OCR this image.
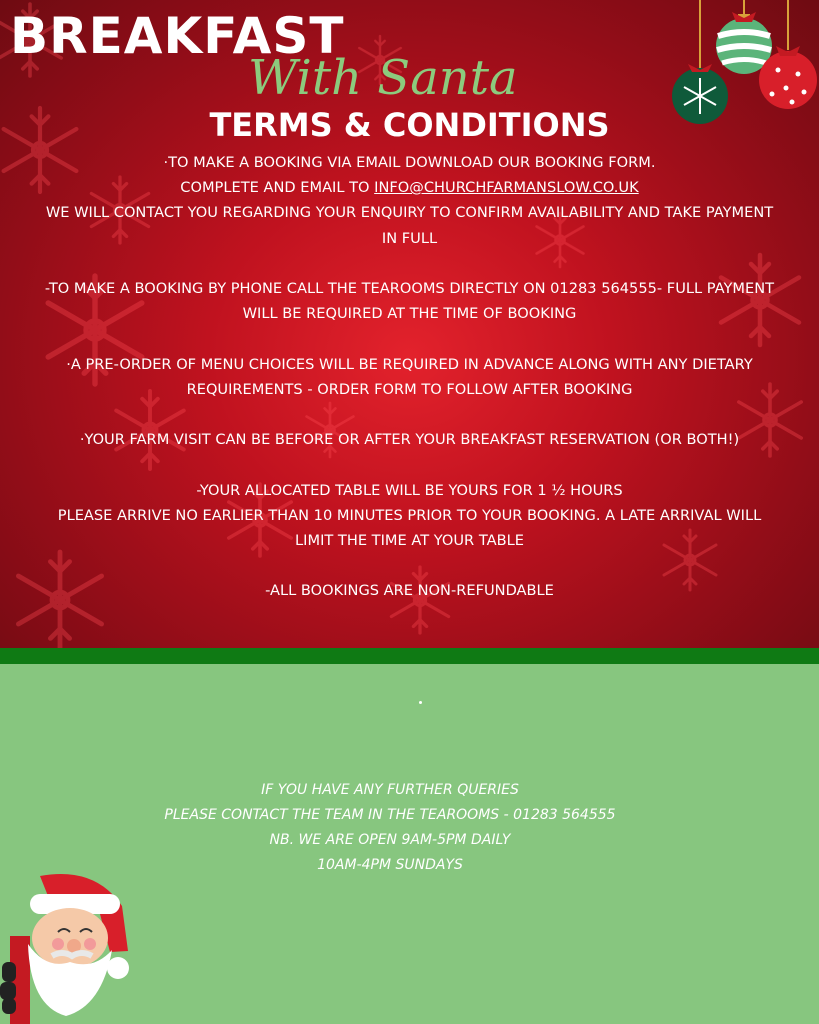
BREAKFAST
With Santa
TERMS & CONDITIONS

·TO MAKE A BOOKING VIA EMAIL DOWNLOAD OUR BOOKING FORM.
COMPLETE AND EMAIL TO INFO@CHURCHFARMANSLOW.CO.UK
WE WILL CONTACT YOU REGARDING YOUR ENQUIRY TO CONFIRM AVAILABILITY AND TAKE PAYMENT IN FULL

-TO MAKE A BOOKING BY PHONE CALL THE TEAROOMS DIRECTLY ON 01283 564555- FULL PAYMENT WILL BE REQUIRED AT THE TIME OF BOOKING

·A PRE-ORDER OF MENU CHOICES WILL BE REQUIRED IN ADVANCE ALONG WITH ANY DIETARY REQUIREMENTS - ORDER FORM TO FOLLOW AFTER BOOKING

·YOUR FARM VISIT CAN BE BEFORE OR AFTER YOUR BREAKFAST RESERVATION (OR BOTH!)

-YOUR ALLOCATED TABLE WILL BE YOURS FOR 1 ½ HOURS
PLEASE ARRIVE NO EARLIER THAN 10 MINUTES PRIOR TO YOUR BOOKING. A LATE ARRIVAL WILL LIMIT THE TIME AT YOUR TABLE

-ALL BOOKINGS ARE NON-REFUNDABLE

IF YOU HAVE ANY FURTHER QUERIES
PLEASE CONTACT THE TEAM IN THE TEAROOMS - 01283 564555
NB. WE ARE OPEN 9AM-5PM DAILY
10AM-4PM SUNDAYS
